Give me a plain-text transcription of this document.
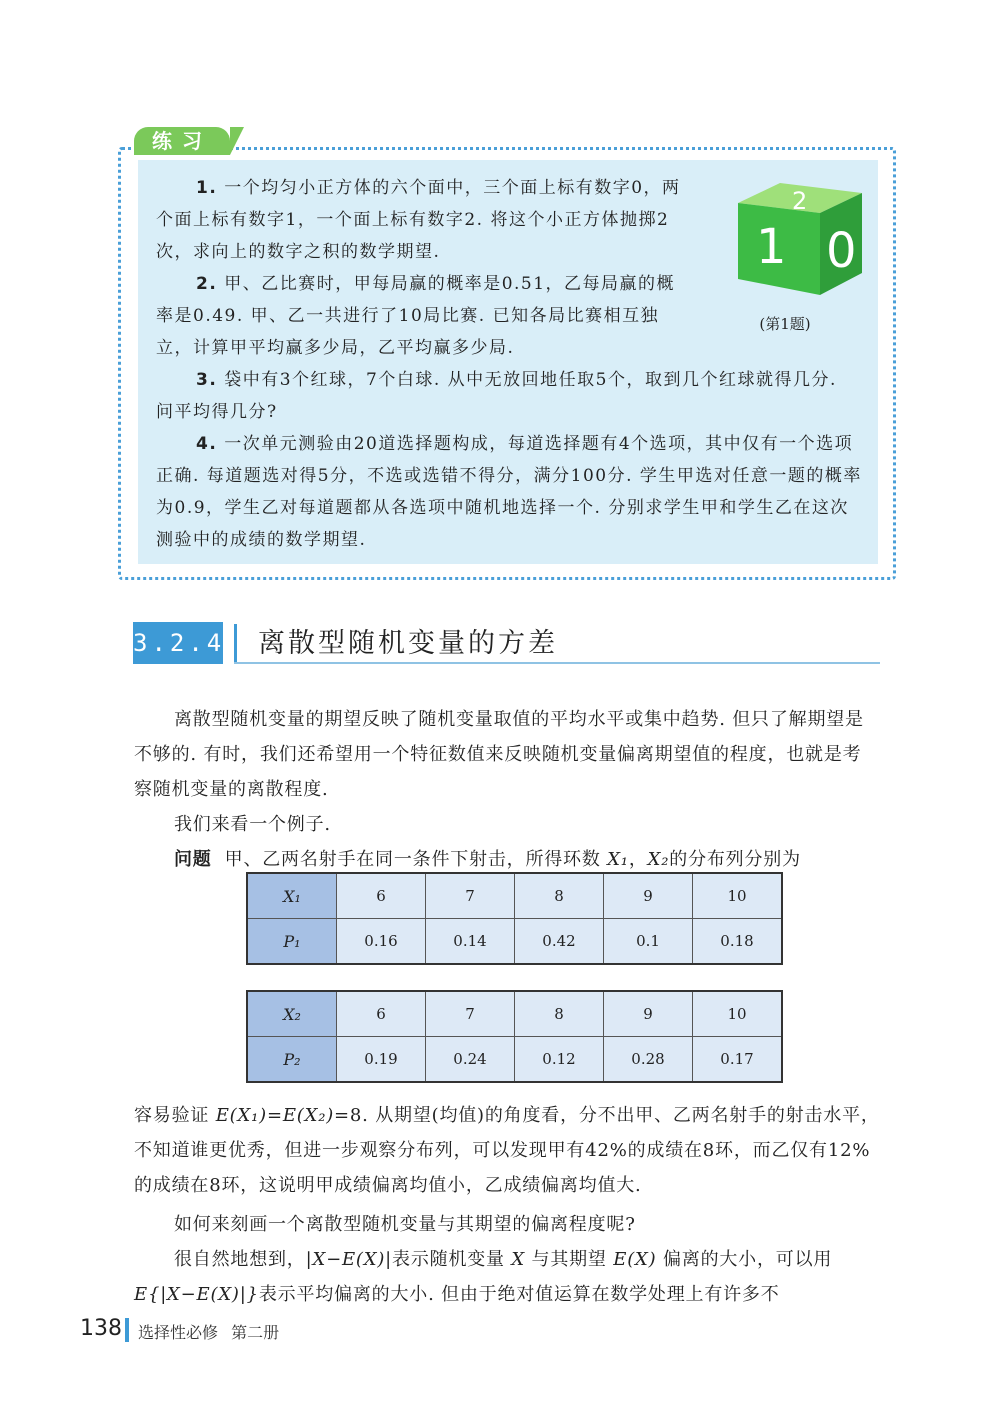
练习

1. 一个均匀小正方体的六个面中，三个面上标有数字0，两个面上标有数字1，一个面上标有数字2. 将这个小正方体抛掷2次，求向上的数字之积的数学期望.

2. 甲、乙比赛时，甲每局赢的概率是0.51，乙每局赢的概率是0.49. 甲、乙一共进行了10局比赛. 已知各局比赛相互独立，计算甲平均赢多少局，乙平均赢多少局.

3. 袋中有3个红球，7个白球. 从中无放回地任取5个，取到几个红球就得几分. 问平均得几分?

4. 一次单元测验由20道选择题构成，每道选择题有4个选项，其中仅有一个选项正确. 每道题选对得5分，不选或选错不得分，满分100分. 学生甲选对任意一题的概率为0.9，学生乙对每道题都从各选项中随机地选择一个. 分别求学生甲和学生乙在这次测验中的成绩的数学期望.

1 0
2
(第1题)
3.2.4 离散型随机变量的方差

离散型随机变量的期望反映了随机变量取值的平均水平或集中趋势. 但只了解期望是不够的. 有时，我们还希望用一个特征数值来反映随机变量偏离期望值的程度，也就是考察随机变量的离散程度.

我们来看一个例子.

问题 甲、乙两名射手在同一条件下射击，所得环数 X₁，X₂的分布列分别为

X₁	6	7	8	9	10
P₁	0.16	0.14	0.42	0.1	0.18
X₂	6	7	8	9	10
P₂	0.19	0.24	0.12	0.28	0.17

容易验证 E(X₁)=E(X₂)=8. 从期望(均值)的角度看，分不出甲、乙两名射手的射击水平，不知道谁更优秀，但进一步观察分布列，可以发现甲有42%的成绩在8环，而乙仅有12%的成绩在8环，这说明甲成绩偏离均值小，乙成绩偏离均值大.

如何来刻画一个离散型随机变量与其期望的偏离程度呢?

很自然地想到，|X−E(X)|表示随机变量 X 与其期望 E(X) 偏离的大小，可以用E{|X−E(X)|}表示平均偏离的大小. 但由于绝对值运算在数学处理上有许多不

138 选择性必修 第二册
